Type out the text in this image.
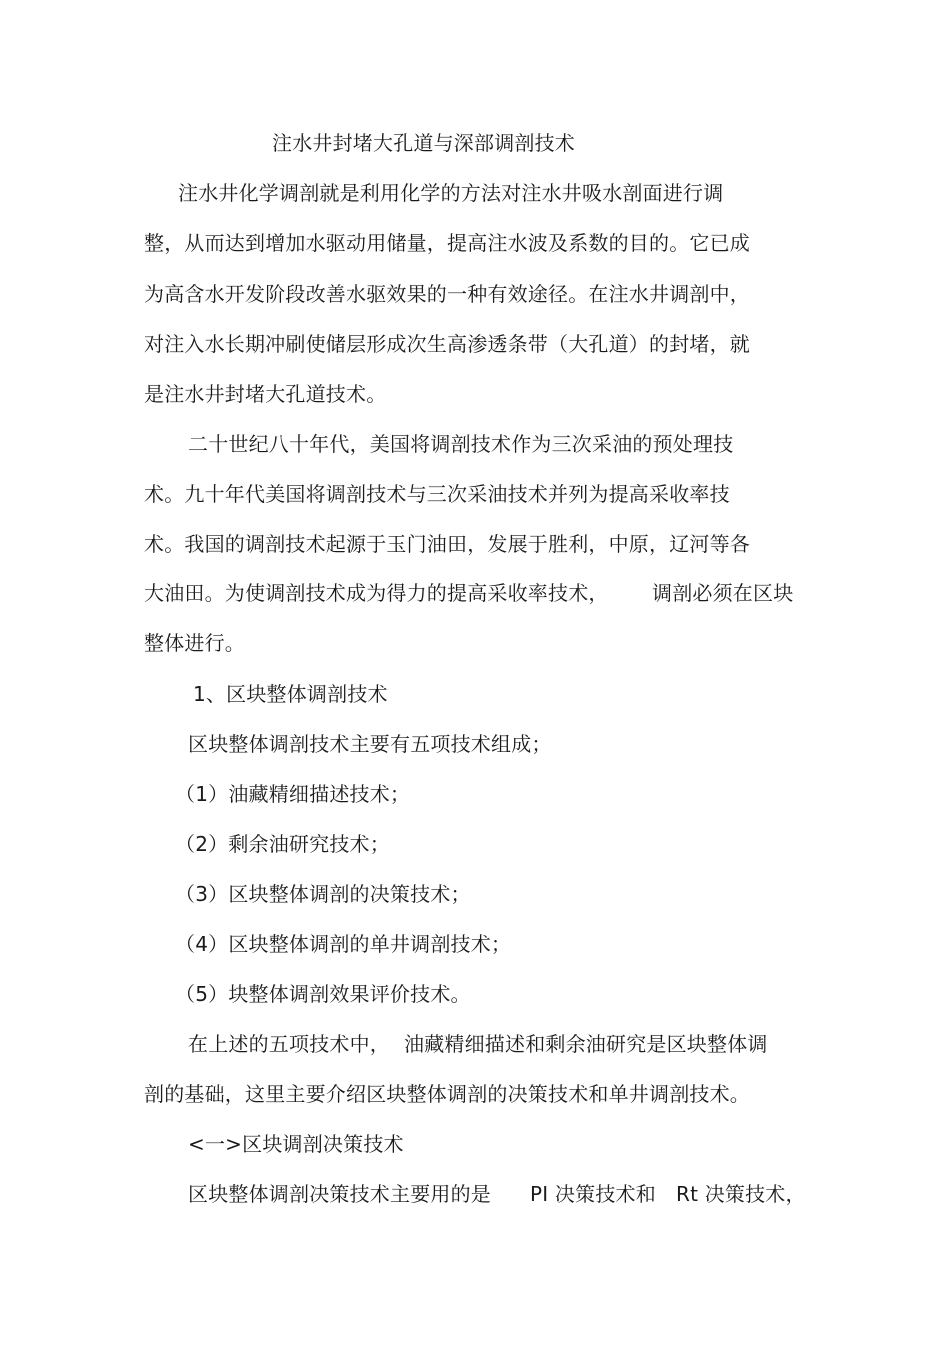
注水井封堵大孔道与深部调剖技术
注水井化学调剖就是利用化学的方法对注水井吸水剖面进行调
整，从而达到增加水驱动用储量，提高注水波及系数的目的。它已成
为高含水开发阶段改善水驱效果的一种有效途径。在注水井调剖中，
对注入水长期冲刷使储层形成次生高渗透条带（大孔道）的封堵，就
是注水井封堵大孔道技术。
二十世纪八十年代，美国将调剖技术作为三次采油的预处理技
术。九十年代美国将调剖技术与三次采油技术并列为提高采收率技
术。我国的调剖技术起源于玉门油田，发展于胜利，中原，辽河等各
大油田。为使调剖技术成为得力的提高采收率技术， 调剖必须在区块
整体进行。
1、区块整体调剖技术
区块整体调剖技术主要有五项技术组成；
（1）油藏精细描述技术；
（2）剩余油研究技术；
（3）区块整体调剖的决策技术；
（4）区块整体调剖的单井调剖技术；
（5）块整体调剖效果评价技术。
在上述的五项技术中， 油藏精细描述和剩余油研究是区块整体调
剖的基础，这里主要介绍区块整体调剖的决策技术和单井调剖技术。
<一>区块调剖决策技术
区块整体调剖决策技术主要用的是 PI 决策技术和 Rt 决策技术，
